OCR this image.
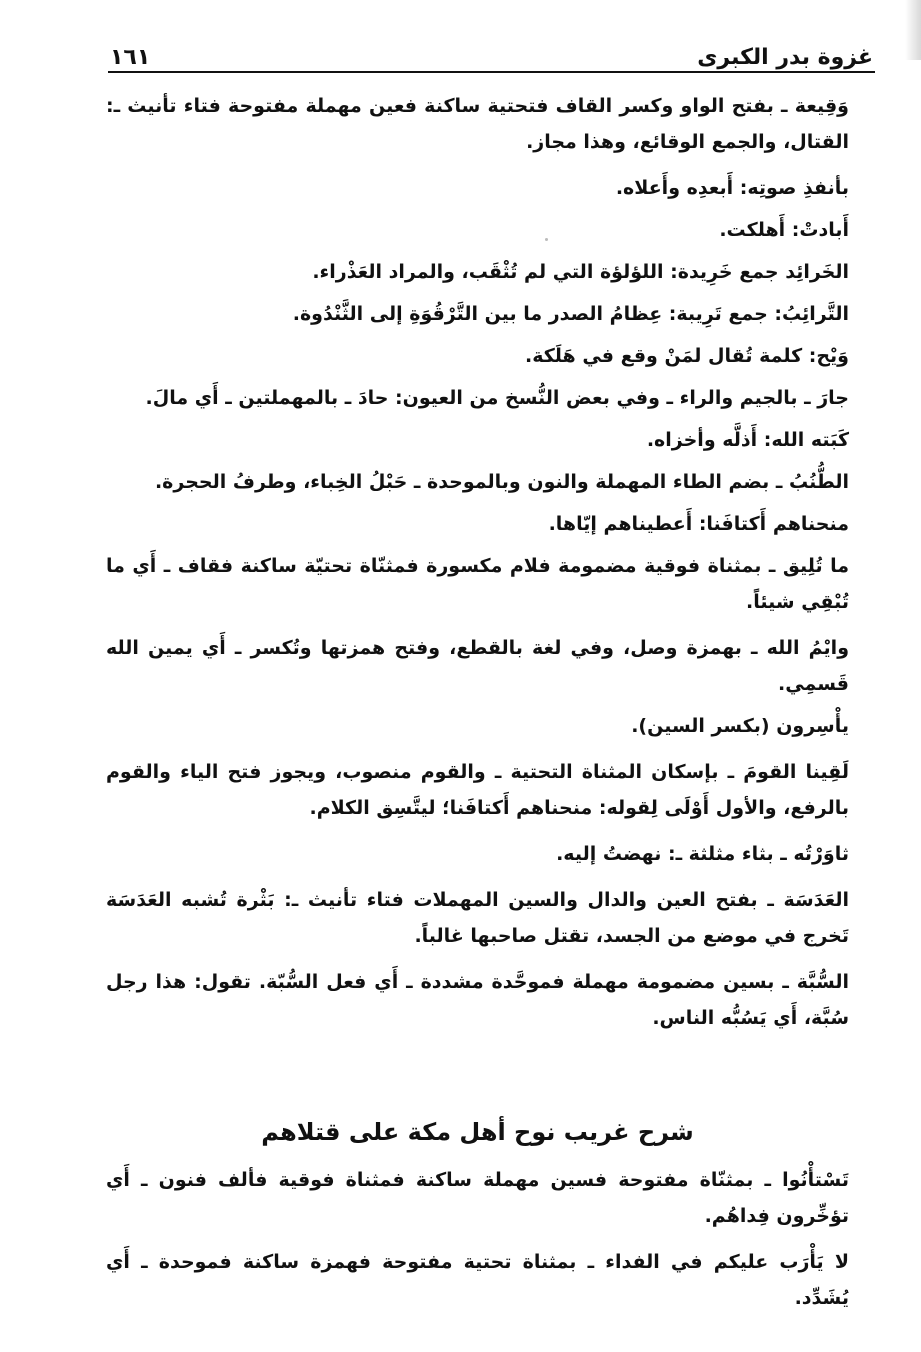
غزوة بدر الكبرى
١٦١

وَقِيعة ـ بفتح الواو وكسر القاف فتحتية ساكنة فعين مهملة مفتوحة فتاء تأنيث ـ: القتال، والجمع الوقائع، وهذا مجاز.

بأنفذِ صوتِه: أَبعدِه وأَعلاه.

أَبادتْ: أَهلكت.

الخَرائِد جمع خَرِيدة: اللؤلؤة التي لم تُثْقَب، والمراد العَذْراء.

التَّرائِبُ: جمع تَرِيبة: عِظامُ الصدر ما بين التَّرْقُوَةِ إلى الثَّنْدُوة.

وَيْح: كلمة تُقال لمَنْ وقع في هَلَكة.

جارَ ـ بالجيم والراء ـ وفي بعض النُّسخ من العيون: حادَ ـ بالمهملتين ـ أَي مالَ.

كَبَته الله: أَذلَّه وأخزاه.

الطُّنُبُ ـ بضم الطاء المهملة والنون وبالموحدة ـ حَبْلُ الخِباء، وطرفُ الحجرة.

منحناهم أَكتافَنا: أَعطيناهم إيّاها.

ما تُلِيق ـ بمثناة فوقية مضمومة فلام مكسورة فمثنّاة تحتيّة ساكنة فقاف ـ أَي ما تُبْقِي شيئاً.

وايْمُ الله ـ بهمزة وصل، وفي لغة بالقطع، وفتح همزتها وتُكسر ـ أَي يمين الله قَسمِي.

يأْسِرون (بكسر السين).

لَقِينا القومَ ـ بإسكان المثناة التحتية ـ والقوم منصوب، ويجوز فتح الياء والقوم بالرفع، والأول أَوْلَى لِقوله: منحناهم أَكتافَنا؛ ليتَّسِق الكلام.

ثاوَرْتُه ـ بثاء مثلثة ـ: نهضتُ إليه.

العَدَسَة ـ بفتح العين والدال والسين المهملات فتاء تأنيث ـ: بَثْرة تُشبه العَدَسَة تَخرج في موضع من الجسد، تقتل صاحبها غالباً.

السُّبَّة ـ بسين مضمومة مهملة فموحَّدة مشددة ـ أَي فعل السُّبّة. تقول: هذا رجل سُبَّة، أَي يَسُبُّه الناس.

شرح غريب نوح أهل مكة على قتلاهم

تَسْتأْنُوا ـ بمثنّاة مفتوحة فسين مهملة ساكنة فمثناة فوقية فألف فنون ـ أَي تؤخِّرون فِداهُم.

لا يَأْرَب عليكم في الفداء ـ بمثناة تحتية مفتوحة فهمزة ساكنة فموحدة ـ أَي يُشَدِّد.
